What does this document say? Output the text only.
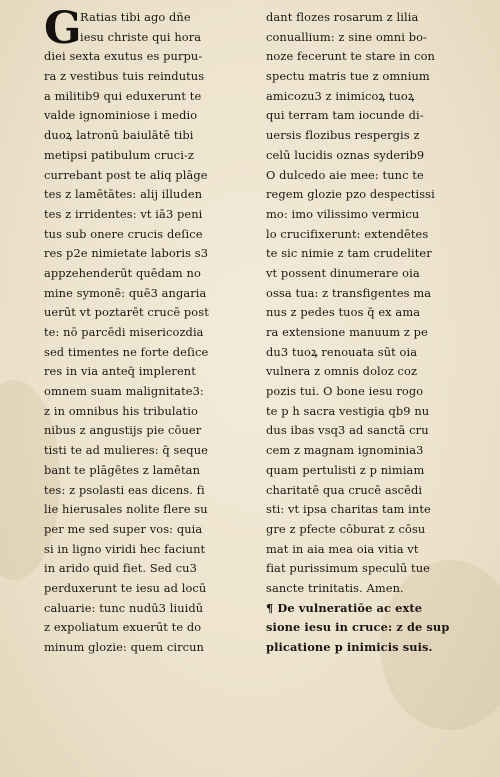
G
Ratias tibi ago dñe
iesu christe qui hora
diei sexta exutus es purpu-
ra z vestibus tuis reindutus
a militib9 qui eduxerunt te
valde ignominiose i medio
duoꝝ latronū baiulātē tibi
metipsi patibulum cruci-z
currebant post te aliq plāge
tes z lamētātes: alij illuden
tes z irridentes: vt iā3 peni
tus sub onere crucis deſice
res p2e nimietate laboris s3
appzehenderūt quēdam no
mine symonē: quē3 angaria
uerūt vt poztarēt crucē post
te: nō parcēdi misericozdia
sed timentes ne forte deſice
res in via anteq̄ implerent
omnem suam malignitate3:
z in omnibus his tribulatio
nibus z angustijs pie cōuer
tisti te ad mulieres: q̄ seque
bant te plāgētes z lamētan
tes: z psolasti eas dicens. fi
lie hierusales nolite flere su
per me sed super vos: quia
si in ligno viridi hec faciunt
in arido quid fiet. Sed cu3
perduxerunt te iesu ad locū
caluarie: tunc nudū3 liuidū
z expoliatum exuerūt te do
minum glozie: quem circun
dant flozes rosarum z lilia
conuallium: z sine omni bo-
noze fecerunt te stare in con
spectu matris tue z omnium
amicozu3 z inimicoꝝ tuoꝝ
qui terram tam iocunde di-
uersis flozibus respergis z
celū lucidis oznas syderib9
O dulcedo aie mee: tunc te
regem glozie pzo despectissi
mo: imo vilissimo vermicu
lo crucifixerunt: extendētes
te sic nimie z tam crudeliter
vt possent dinumerare oia
ossa tua: z transfigentes ma
nus z pedes tuos q̄ ex ama
ra extensione manuum z pe
du3 tuoꝝ renouata sūt oia
vulnera z omnis doloz coz
pozis tui. O bone iesu rogo
te p h sacra vestigia qb9 nu
dus ibas vsq3 ad sanctā cru
cem z magnam ignominia3
quam pertulisti z p nimiam
charitatē qua crucē ascēdi
sti: vt ipsa charitas tam inte
gre z pfecte cōburat z cōsu
mat in aia mea oia vitia vt
fiat purissimum speculū tue
sancte trinitatis. Amen.
¶ De vulneratiōe ac exte
sione iesu in cruce: z de sup
plicatione p inimicis suis.
